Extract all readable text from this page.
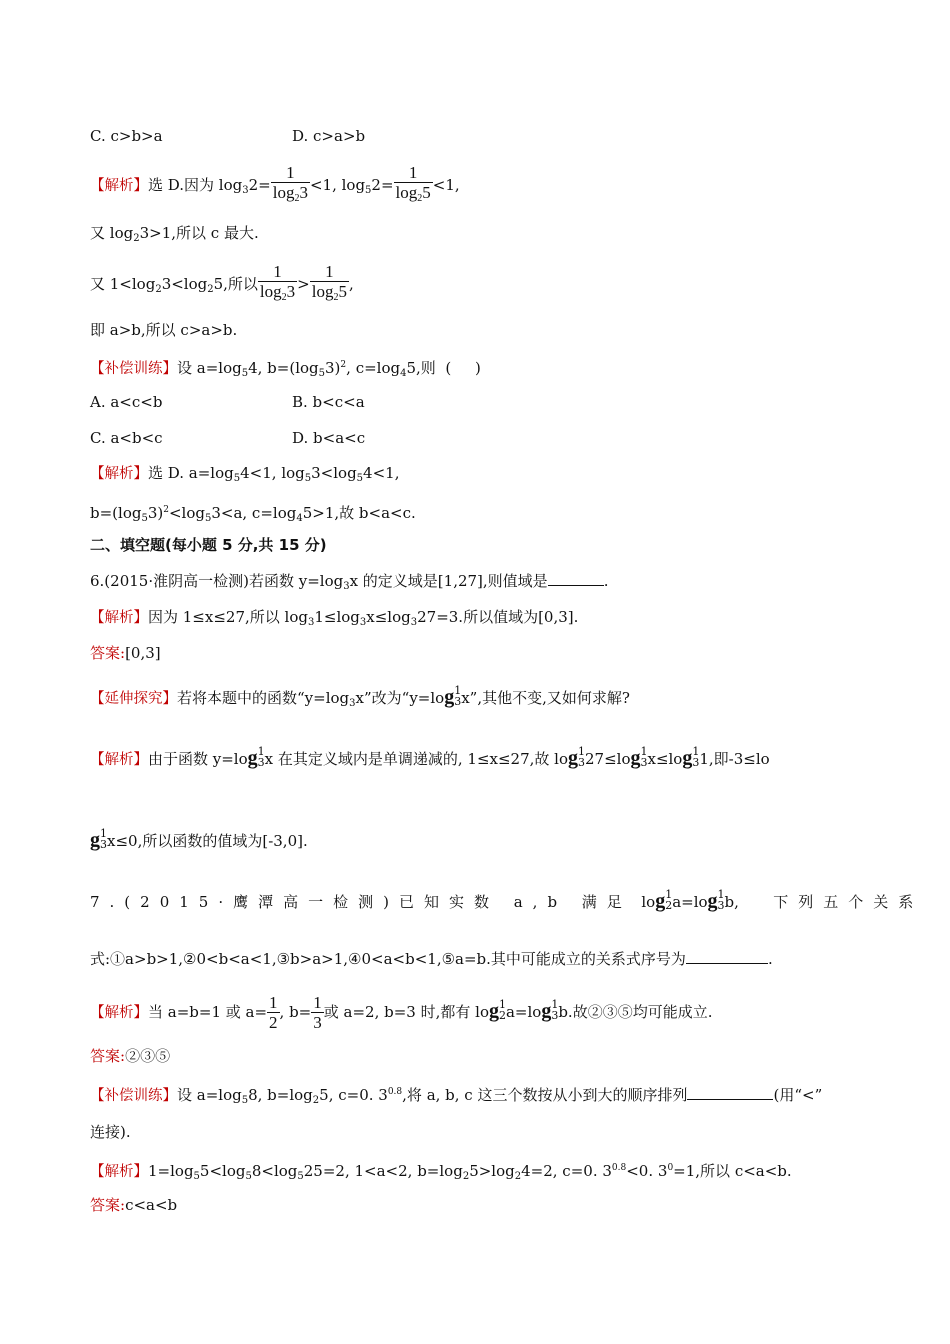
C. c>b>a	D. c>a>b
【解析】选 D.因为 $\log_32= \frac{1}{\log_23} <1$, $\log_52= \frac{1}{\log_25} <1$,
又 $\log_23>1$,所以 c 最大.
又 $1<\log_23<\log_25$,所以 $\frac{1}{\log_23} > \frac{1}{\log_25}$ ,
即 a>b,所以 c>a>b.
【补偿训练】设 $a=\log_54$, $b=(\log_53)^2$, $c=\log_45$,则  (     )
A. a<c<b	B. b<c<a
C. a<b<c	D. b<a<c
【解析】选 D. $a=\log_54<1$, $\log_53<\log_54<1$,
$b=(\log_53)^2<\log_53<a$, $c=\log_45>1$,故 b<a<c.
二、填空题(每小题 5 分,共 15 分)
6.(2015·淮阴高一检测)若函数 $y=\log_3x$ 的定义域是[1,27],则值域是	.
【解析】因为 1≤x≤27,所以 $\log_31\le\log_3x\le\log_327=3$.所以值域为[0,3].
答案:[0,3]
【延伸探究】若将本题中的函数“$y=\log_3x$”改为“y=log 1
3 x”,其他不变,又如何求解?
【解析】由于函数 y=log 1
3 x 在其定义域内是单调递减的, 1≤x≤27,故 log 1
3 27≤log 1
3 x≤log 1
3 1,即-3≤lo
g 1
3 x≤0,所以函数的值域为[-3,0].
7.(2015·鹰潭高一检测)已知实数 a,b 满足  log 1
2 a=log 1
3 b,   下列五个关系
式:①a>b>1,②0<b<a<1,③b>a>1,④0<a<b<1,⑤a=b.其中可能成立的关系式序号为	.
【解析】当 a=b=1 或 $a= \frac{1}{2}$ , $b= \frac{1}{3}$ 或 a=2, b=3 时,都有 log 1
2 a=log 1
3 b.故②③⑤均可能成立.
答案:②③⑤
【补偿训练】设 $a=\log_58$, $b=\log_25$, c=0. $3^{0.8}$,将 a, b, c 这三个数按从小到大的顺序排列	(用“<”
连接).
【解析】$1=\log_55<\log_58<\log_525=2$, 1<a<2, $b=\log_25>\log_24=2$, c=0. $3^{0.8}<0$. $3^0=1$,所以 c<a<b.
答案:c<a<b
